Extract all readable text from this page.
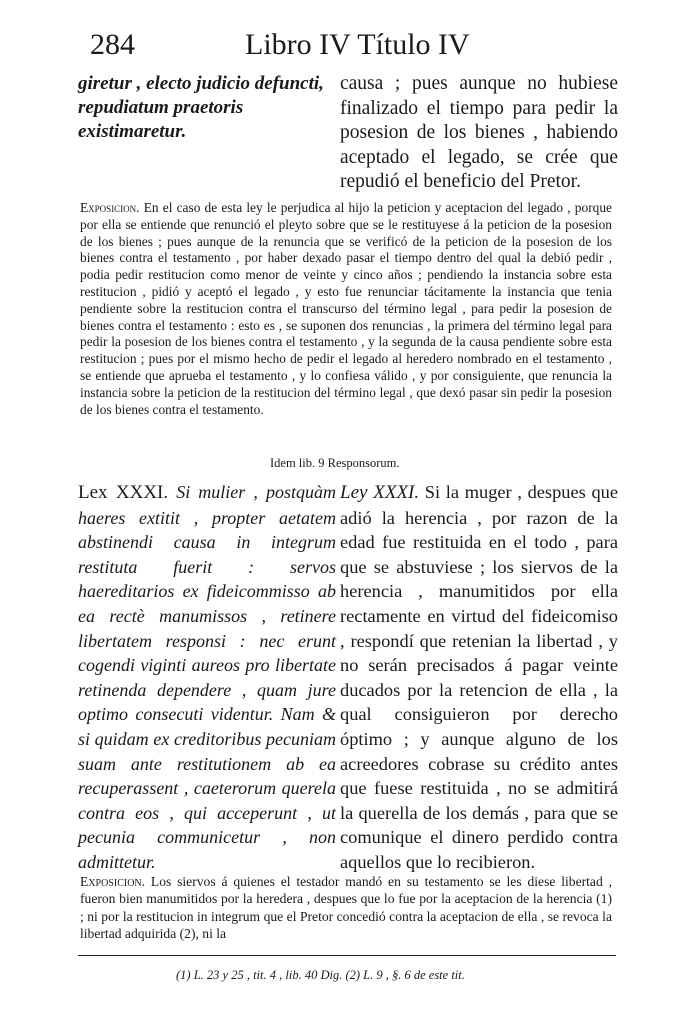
284	Libro IV Título IV

giretur , electo judicio defuncti, repudiatum praetoris existimaretur.

causa ; pues aunque no hubiese finalizado el tiempo para pedir la posesion de los bienes , habiendo aceptado el legado, se crée que repudió el beneficio del Pretor.

Exposicion. En el caso de esta ley le perjudica al hijo la peticion y aceptacion del legado , porque por ella se entiende que renunció el pleyto sobre que se le restituyese á la peticion de la posesion de los bienes ; pues aunque de la renuncia que se verificó de la peticion de la posesion de los bienes contra el testamento , por haber dexado pasar el tiempo dentro del qual la debió pedir , podia pedir restitucion como menor de veinte y cinco años ; pendiendo la instancia sobre esta restitucion , pidió y aceptó el legado , y esto fue renunciar tácitamente la instancia que tenia pendiente sobre la restitucion contra el transcurso del término legal , para pedir la posesion de bienes contra el testamento : esto es , se suponen dos renuncias , la primera del término legal para pedir la posesion de los bienes contra el testamento , y la segunda de la causa pendiente sobre esta restitucion ; pues por el mismo hecho de pedir el legado al heredero nombrado en el testamento , se entiende que aprueba el testamento , y lo confiesa válido , y por consiguiente, que renuncia la instancia sobre la peticion de la restitucion del término legal , que dexó pasar sin pedir la posesion de los bienes contra el testamento.

Idem lib. 9 Responsorum.

Lex XXXI. Si mulier , postquàm haeres extitit , propter aetatem abstinendi causa in integrum restituta fuerit : servos haereditarios ex fideicommisso ab ea rectè manumissos , retinere libertatem responsi : nec erunt cogendi viginti aureos pro libertate retinenda dependere , quam jure optimo consecuti videntur. Nam & si quidam ex creditoribus pecuniam suam ante restitutionem ab ea recuperassent , caeterorum querela contra eos , qui acceperunt , ut pecunia communicetur , non admittetur.

Ley XXXI. Si la muger , despues que adió la herencia , por razon de la edad fue restituida en el todo , para que se abstuviese ; los siervos de la herencia , manumitidos por ella rectamente en virtud del fideicomiso , respondí que retenian la libertad , y no serán precisados á pagar veinte ducados por la retencion de ella , la qual consiguieron por derecho óptimo ; y aunque alguno de los acreedores cobrase su crédito antes que fuese restituida , no se admitirá la querella de los demás , para que se comunique el dinero perdido contra aquellos que lo recibieron.

Exposicion. Los siervos á quienes el testador mandó en su testamento se les diese libertad , fueron bien manumitidos por la heredera , despues que lo fue por la aceptacion de la herencia (1) ; ni por la restitucion in integrum que el Pretor concedió contra la aceptacion de ella , se revoca la libertad adquirida (2), ni la

(1) L. 23 y 25 , tit. 4 , lib. 40 Dig. (2) L. 9 , §. 6 de este tit.
